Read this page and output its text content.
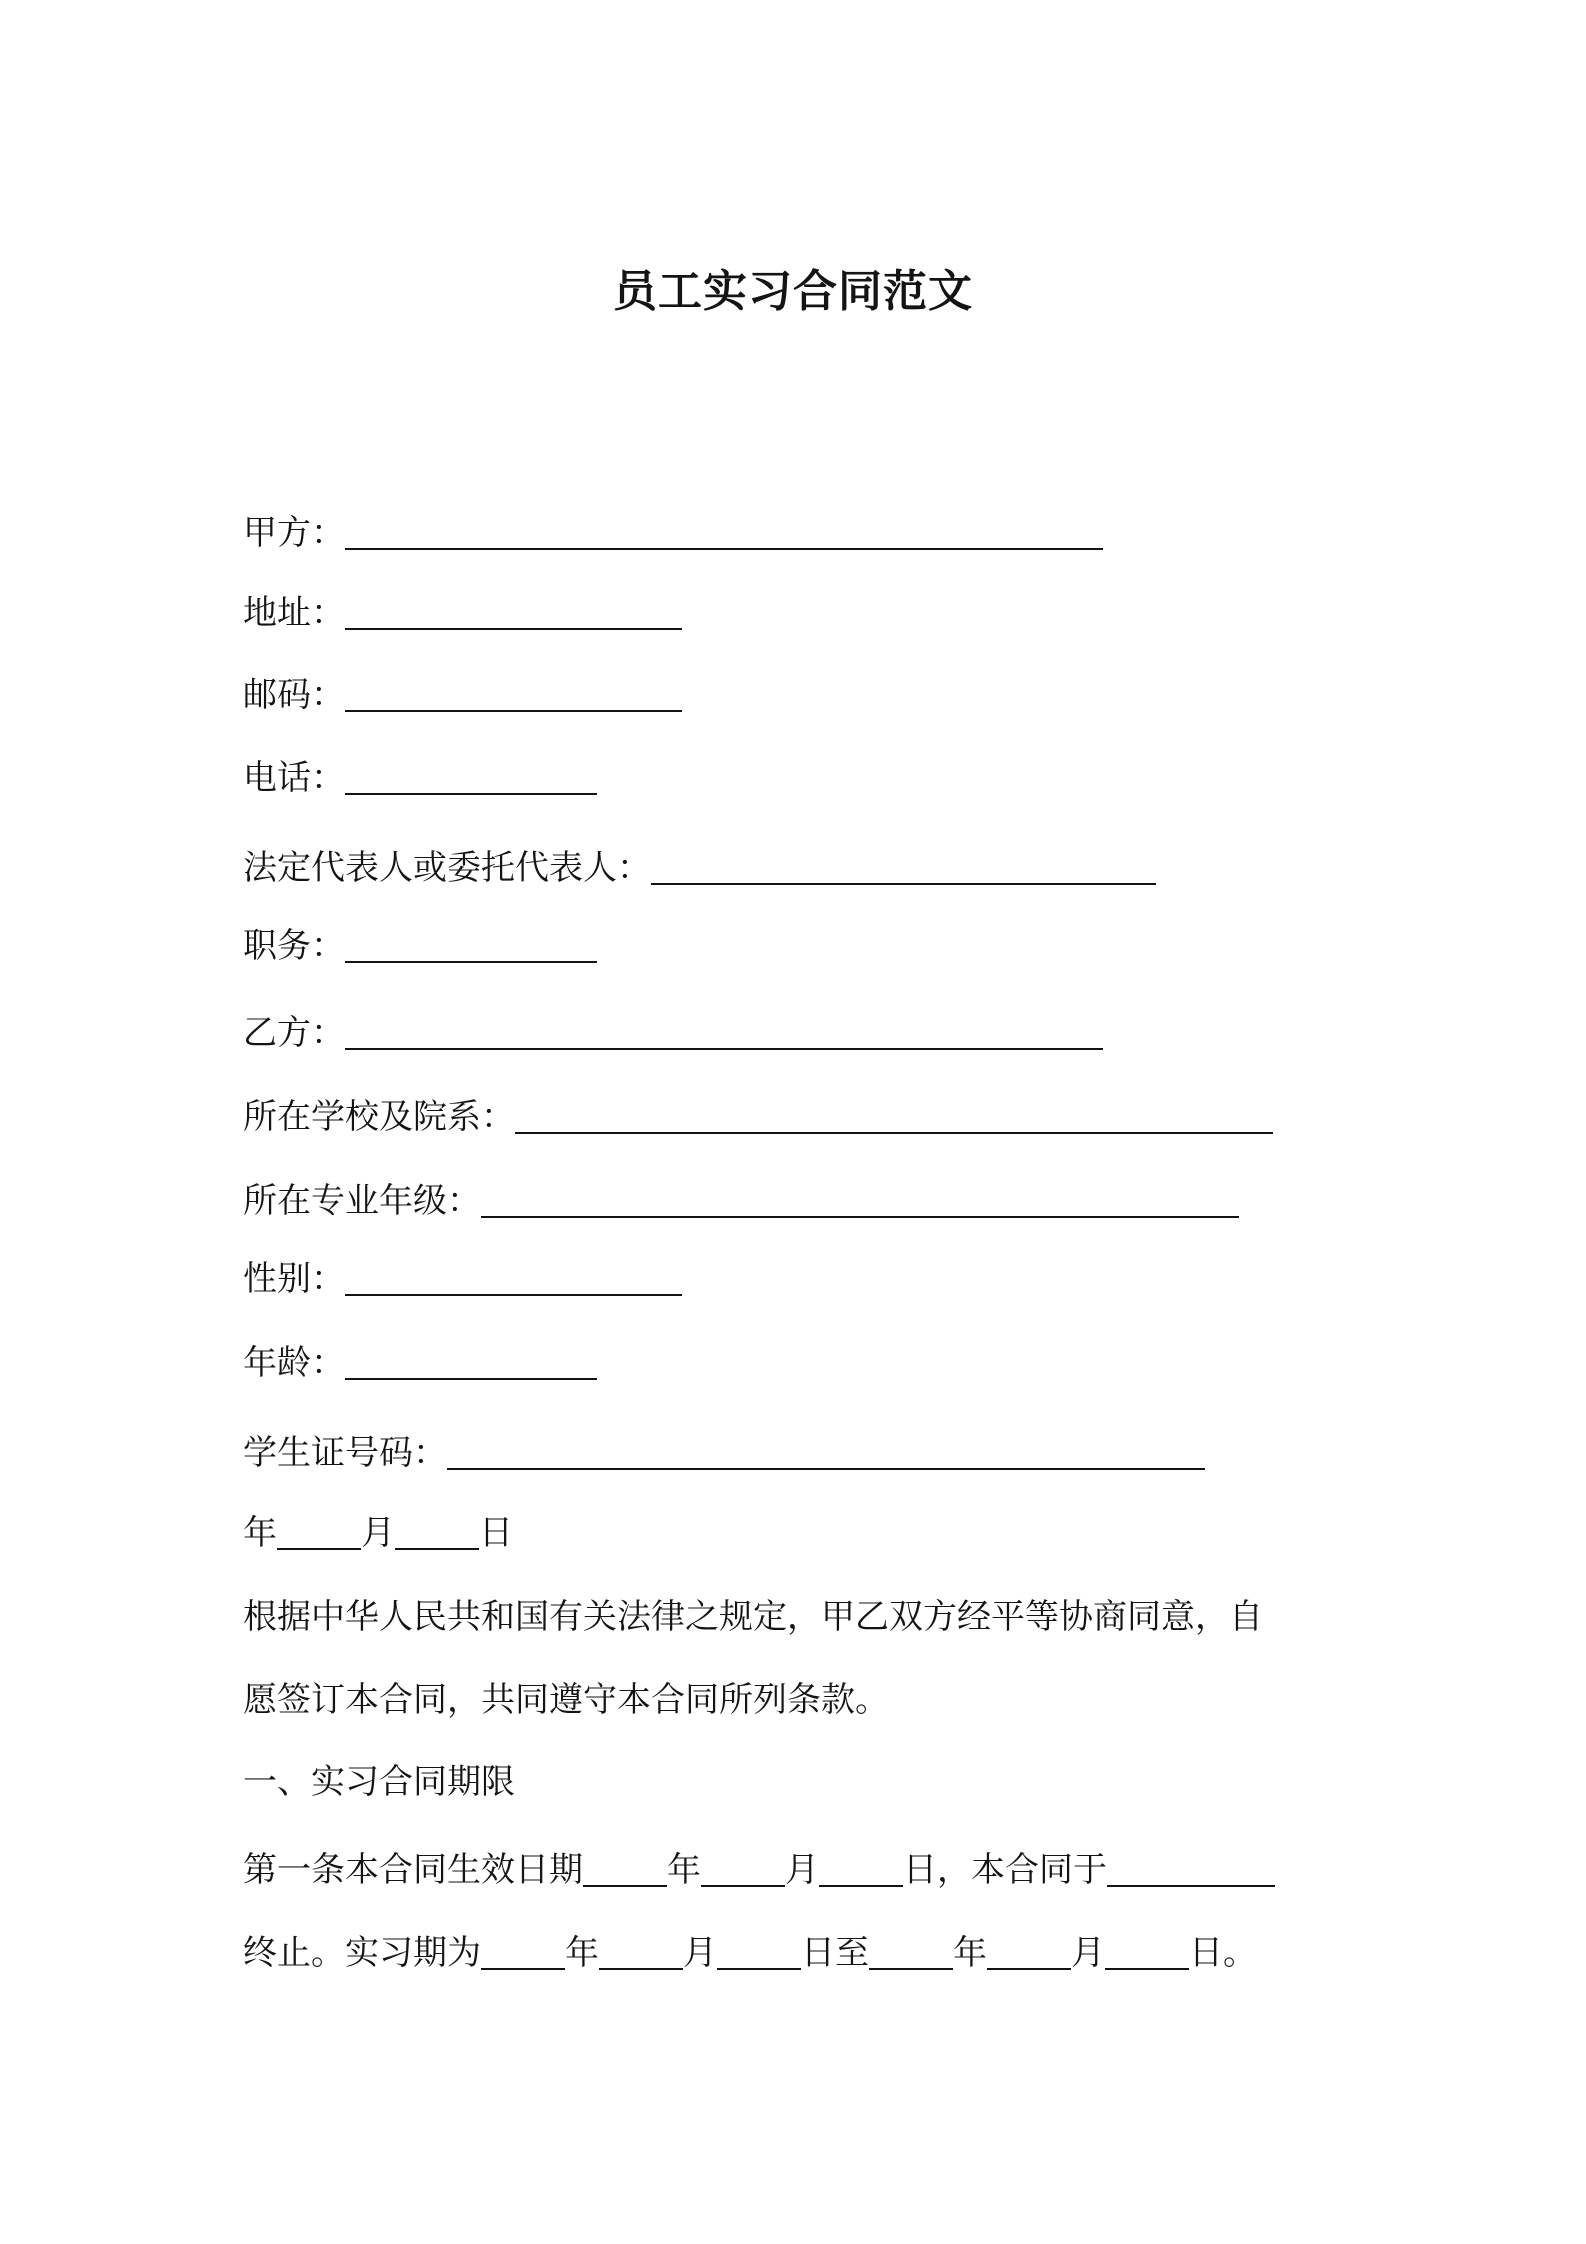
员工实习合同范文
甲方：
地址：
邮码：
电话：
法定代表人或委托代表人：
职务：
乙方：
所在学校及院系：
所在专业年级：
性别：
年龄：
学生证号码：
年 月 日
根据中华人民共和国有关法律之规定，甲乙双方经平等协商同意，自
愿签订本合同，共同遵守本合同所列条款。
一、实习合同期限
第一条本合同生效日期 年 月 日，本合同于
终止。实习期为 年 月 日至 年 月 日。
